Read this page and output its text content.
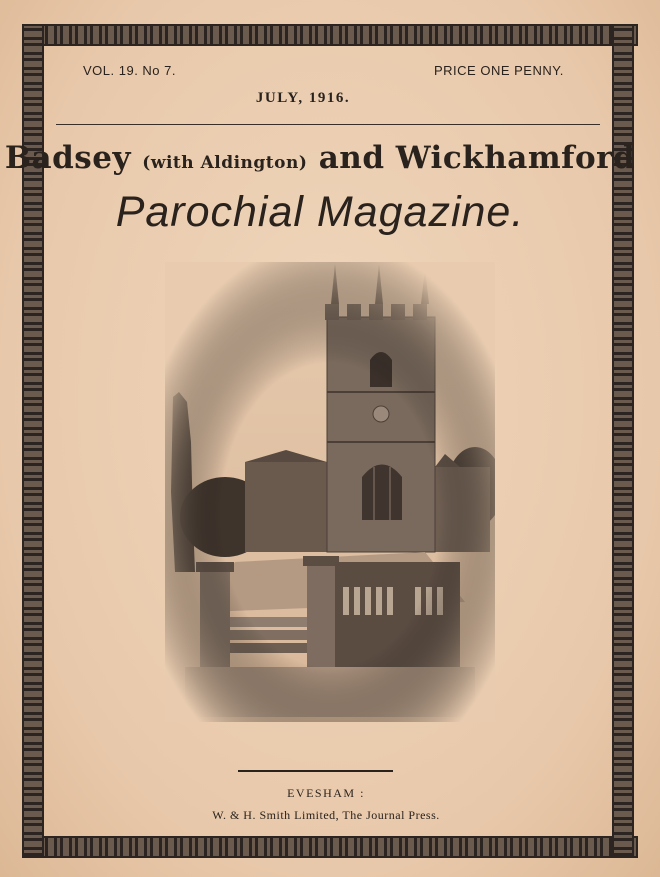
VOL. 19. No 7.	PRICE ONE PENNY.
JULY, 1916.
Badsey (with Aldington) and Wickhamford
Parochial Magazine.
EVESHAM :
W. & H. Smith Limited, The Journal Press.
